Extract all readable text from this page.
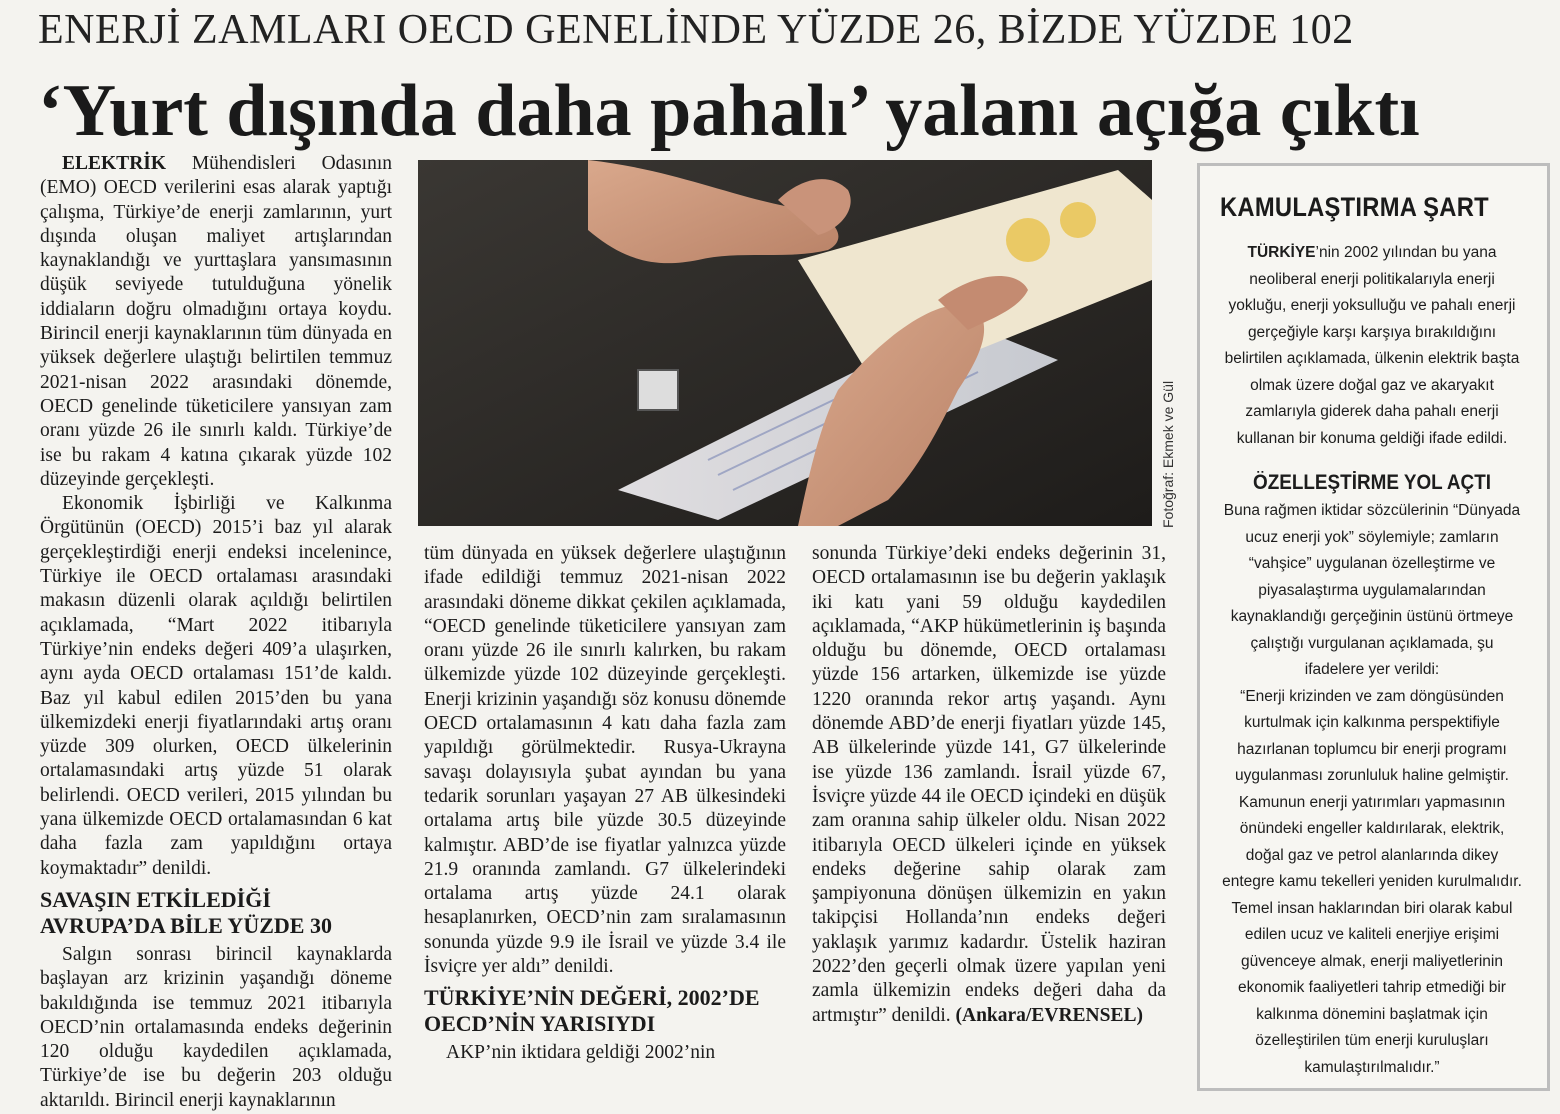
ENERJİ ZAMLARI OECD GENELİNDE YÜZDE 26, BİZDE YÜZDE 102
‘Yurt dışında daha pahalı’ yalanı açığa çıktı

ELEKTRİK Mühendisleri Odasının (EMO) OECD verilerini esas alarak yaptığı çalışma, Türkiye’de enerji zamlarının, yurt dışında oluşan maliyet artışlarından kaynaklandığı ve yurttaşlara yansımasının düşük seviyede tutulduğuna yönelik iddiaların doğru olmadığını ortaya koydu. Birincil enerji kaynaklarının tüm dünyada en yüksek değerlere ulaştığı belirtilen temmuz 2021-nisan 2022 arasındaki dönemde, OECD genelinde tüketicilere yansıyan zam oranı yüzde 26 ile sınırlı kaldı. Türkiye’de ise bu rakam 4 katına çıkarak yüzde 102 düzeyinde gerçekleşti.

Ekonomik İşbirliği ve Kalkınma Örgütünün (OECD) 2015’i baz yıl alarak gerçekleştirdiği enerji endeksi incelenince, Türkiye ile OECD ortalaması arasındaki makasın düzenli olarak açıldığı belirtilen açıklamada, “Mart 2022 itibarıyla Türkiye’nin endeks değeri 409’a ulaşırken, aynı ayda OECD ortalaması 151’de kaldı. Baz yıl kabul edilen 2015’den bu yana ülkemizdeki enerji fiyatlarındaki artış oranı yüzde 309 olurken, OECD ülkelerinin ortalamasındaki artış yüzde 51 olarak belirlendi. OECD verileri, 2015 yılından bu yana ülkemizde OECD ortalamasından 6 kat daha fazla zam yapıldığını ortaya koymaktadır” denildi.

SAVAŞIN ETKİLEDİĞİ AVRUPA’DA BİLE YÜZDE 30

Salgın sonrası birincil kaynaklarda başlayan arz krizinin yaşandığı döneme bakıldığında ise temmuz 2021 itibarıyla OECD’nin ortalamasında endeks değerinin 120 olduğu kaydedilen açıklamada, Türkiye’de ise bu değerin 203 olduğu aktarıldı. Birincil enerji kaynaklarının

Fotoğraf: Ekmek ve Gül

tüm dünyada en yüksek değerlere ulaştığının ifade edildiği temmuz 2021-nisan 2022 arasındaki döneme dikkat çekilen açıklamada, “OECD genelinde tüketicilere yansıyan zam oranı yüzde 26 ile sınırlı kalırken, bu rakam ülkemizde yüzde 102 düzeyinde gerçekleşti. Enerji krizinin yaşandığı söz konusu dönemde OECD ortalamasının 4 katı daha fazla zam yapıldığı görülmektedir. Rusya-Ukrayna savaşı dolayısıyla şubat ayından bu yana tedarik sorunları yaşayan 27 AB ülkesindeki ortalama artış bile yüzde 30.5 düzeyinde kalmıştır. ABD’de ise fiyatlar yalnızca yüzde 21.9 oranında zamlandı. G7 ülkelerindeki ortalama artış yüzde 24.1 olarak hesaplanırken, OECD’nin zam sıralamasının sonunda yüzde 9.9 ile İsrail ve yüzde 3.4 ile İsviçre yer aldı” denildi.

TÜRKİYE’NİN DEĞERİ, 2002’DE OECD’NİN YARISIYDI

AKP’nin iktidara geldiği 2002’nin

sonunda Türkiye’deki endeks değerinin 31, OECD ortalamasının ise bu değerin yaklaşık iki katı yani 59 olduğu kaydedilen açıklamada, “AKP hükümetlerinin iş başında olduğu bu dönemde, OECD ortalaması yüzde 156 artarken, ülkemizde ise yüzde 1220 oranında rekor artış yaşandı. Aynı dönemde ABD’de enerji fiyatları yüzde 145, AB ülkelerinde yüzde 141, G7 ülkelerinde ise yüzde 136 zamlandı. İsrail yüzde 67, İsviçre yüzde 44 ile OECD içindeki en düşük zam oranına sahip ülkeler oldu. Nisan 2022 itibarıyla OECD ülkeleri içinde en yüksek endeks değerine sahip olarak zam şampiyonuna dönüşen ülkemizin en yakın takipçisi Hollanda’nın endeks değeri yaklaşık yarımız kadardır. Üstelik haziran 2022’den geçerli olmak üzere yapılan yeni zamla ülkemizin endeks değeri daha da artmıştır” denildi. (Ankara/EVRENSEL)

KAMULAŞTIRMA ŞART

TÜRKİYE’nin 2002 yılından bu yana neoliberal enerji politikalarıyla enerji yokluğu, enerji yoksulluğu ve pahalı enerji gerçeğiyle karşı karşıya bırakıldığını belirtilen açıklamada, ülkenin elektrik başta olmak üzere doğal gaz ve akaryakıt zamlarıyla giderek daha pahalı enerji kullanan bir konuma geldiği ifade edildi.

ÖZELLEŞTİRME YOL AÇTI

Buna rağmen iktidar sözcülerinin “Dünyada ucuz enerji yok” söylemiyle; zamların “vahşice” uygulanan özelleştirme ve piyasalaştırma uygulamalarından kaynaklandığı gerçeğinin üstünü örtmeye çalıştığı vurgulanan açıklamada, şu ifadelere yer verildi:

“Enerji krizinden ve zam döngüsünden kurtulmak için kalkınma perspektifiyle hazırlanan toplumcu bir enerji programı uygulanması zorunluluk haline gelmiştir. Kamunun enerji yatırımları yapmasının önündeki engeller kaldırılarak, elektrik, doğal gaz ve petrol alanlarında dikey entegre kamu tekelleri yeniden kurulmalıdır. Temel insan haklarından biri olarak kabul edilen ucuz ve kaliteli enerjiye erişimi güvenceye almak, enerji maliyetlerinin ekonomik faaliyetleri tahrip etmediği bir kalkınma dönemini başlatmak için özelleştirilen tüm enerji kuruluşları kamulaştırılmalıdır.”
